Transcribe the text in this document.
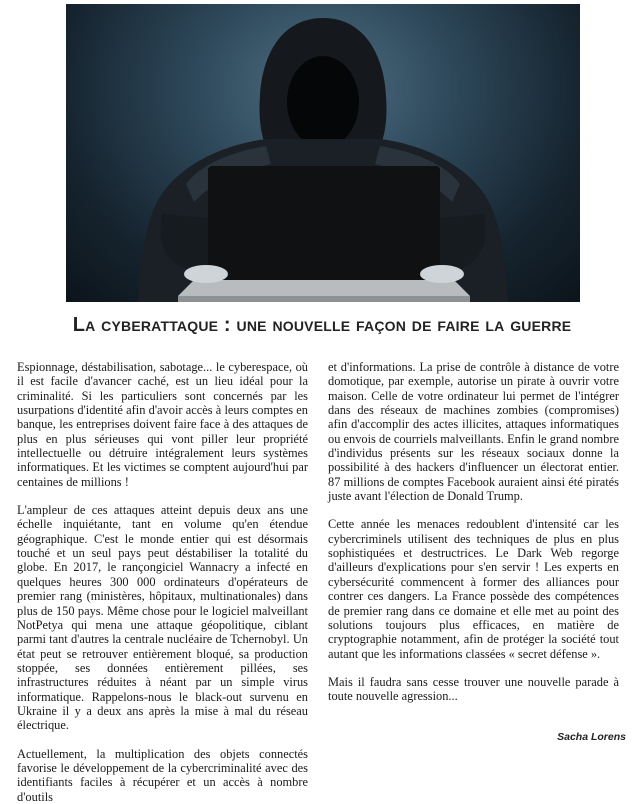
La cyberattaque : une nouvelle façon de faire la guerre

Espionnage, déstabilisation, sabotage... le cyberespace, où il est facile d'avancer caché, est un lieu idéal pour la criminalité. Si les particuliers sont concernés par les usurpations d'identité afin d'avoir accès à leurs comptes en banque, les entreprises doivent faire face à des attaques de plus en plus sérieuses qui vont piller leur propriété intellectuelle ou détruire intégralement leurs systèmes informatiques. Et les victimes se comptent aujourd'hui par centaines de millions !

L'ampleur de ces attaques atteint depuis deux ans une échelle inquiétante, tant en volume qu'en étendue géographique. C'est le monde entier qui est désormais touché et un seul pays peut déstabiliser la totalité du globe. En 2017, le rançongiciel Wannacry a infecté en quelques heures 300 000 ordinateurs d'opérateurs de premier rang (ministères, hôpitaux, multinationales) dans plus de 150 pays. Même chose pour le logiciel malveillant NotPetya qui mena une attaque géopolitique, ciblant parmi tant d'autres la centrale nucléaire de Tchernobyl. Un état peut se retrouver entièrement bloqué, sa production stoppée, ses données entièrement pillées, ses infrastructures réduites à néant par un simple virus informatique. Rappelons-nous le black-out survenu en Ukraine il y a deux ans après la mise à mal du réseau électrique.

Actuellement, la multiplication des objets connectés favorise le développement de la cybercriminalité avec des identifiants faciles à récupérer et un accès à nombre d'outils

et d'informations. La prise de contrôle à distance de votre domotique, par exemple, autorise un pirate à ouvrir votre maison. Celle de votre ordinateur lui permet de l'intégrer dans des réseaux de machines zombies (compromises) afin d'accomplir des actes illicites, attaques informatiques ou envois de courriels malveillants. Enfin le grand nombre d'individus présents sur les réseaux sociaux donne la possibilité à des hackers d'influencer un électorat entier. 87 millions de comptes Facebook auraient ainsi été piratés juste avant l'élection de Donald Trump.

Cette année les menaces redoublent d'intensité car les cybercriminels utilisent des techniques de plus en plus sophistiquées et destructrices. Le Dark Web regorge d'ailleurs d'explications pour s'en servir ! Les experts en cybersécurité commencent à former des alliances pour contrer ces dangers. La France possède des compétences de premier rang dans ce domaine et elle met au point des solutions toujours plus efficaces, en matière de cryptographie notamment, afin de protéger la société tout autant que les informations classées « secret défense ».

Mais il faudra sans cesse trouver une nouvelle parade à toute nouvelle agression...

Sacha Lorens
